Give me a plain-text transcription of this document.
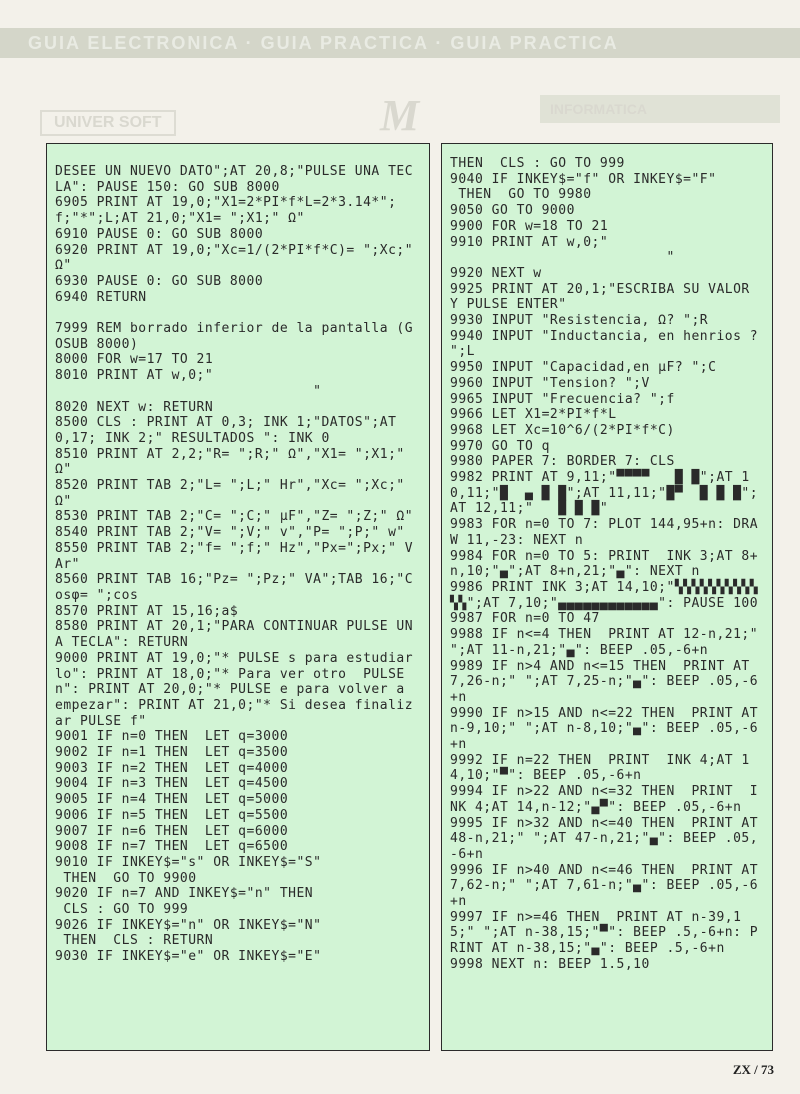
GUIA ELECTRONICA · GUIA PRACTICA · GUIA PRACTICA
UNIVER SOFT
INFORMATICA
M
DESEE UN NUEVO DATO";AT 20,8;"PULSE UNA TECLA": PAUSE 150: GO SUB 8000
6905 PRINT AT 19,0;"X1=2*PI*f*L=2*3.14*";f;"*";L;AT 21,0;"X1= ";X1;" Ω"
6910 PAUSE 0: GO SUB 8000
6920 PRINT AT 19,0;"Xc=1/(2*PI*f*C)= ";Xc;" Ω"
6930 PAUSE 0: GO SUB 8000
6940 RETURN

7999 REM borrado inferior de la pantalla (GOSUB 8000)
8000 FOR w=17 TO 21
8010 PRINT AT w,0;"
"
8020 NEXT w: RETURN
8500 CLS : PRINT AT 0,3; INK 1;"DATOS";AT 0,17; INK 2;" RESULTADOS ": INK 0
8510 PRINT AT 2,2;"R= ";R;" Ω","X1= ";X1;" Ω"
8520 PRINT TAB 2;"L= ";L;" Hr","Xc= ";Xc;" Ω"
8530 PRINT TAB 2;"C= ";C;" μF","Z= ";Z;" Ω"
8540 PRINT TAB 2;"V= ";V;" v","P= ";P;" w"
8550 PRINT TAB 2;"f= ";f;" Hz","Px=";Px;" VAr"
8560 PRINT TAB 16;"Pz= ";Pz;" VA";TAB 16;"Cosφ= ";cos
8570 PRINT AT 15,16;a$
8580 PRINT AT 20,1;"PARA CONTINUAR PULSE UNA TECLA": RETURN
9000 PRINT AT 19,0;"* PULSE s para estudiarlo": PRINT AT 18,0;"* Para ver otro  PULSE n": PRINT AT 20,0;"* PULSE e para volver a empezar": PRINT AT 21,0;"* Si desea finalizar PULSE f"
9001 IF n=0 THEN  LET q=3000
9002 IF n=1 THEN  LET q=3500
9003 IF n=2 THEN  LET q=4000
9004 IF n=3 THEN  LET q=4500
9005 IF n=4 THEN  LET q=5000
9006 IF n=5 THEN  LET q=5500
9007 IF n=6 THEN  LET q=6000
9008 IF n=7 THEN  LET q=6500
9010 IF INKEY$="s" OR INKEY$="S"
THEN  GO TO 9900
9020 IF n=7 AND INKEY$="n" THEN
CLS : GO TO 999
9026 IF INKEY$="n" OR INKEY$="N"
THEN  CLS : RETURN
9030 IF INKEY$="e" OR INKEY$="E"
THEN  CLS : GO TO 999
9040 IF INKEY$="f" OR INKEY$="F"
THEN  GO TO 9980
9050 GO TO 9000
9900 FOR w=18 TO 21
9910 PRINT AT w,0;"
"
9920 NEXT w
9925 PRINT AT 20,1;"ESCRIBA SU VALOR Y PULSE ENTER"
9930 INPUT "Resistencia, Ω? ";R
9940 INPUT "Inductancia, en henrios ? ";L
9950 INPUT "Capacidad,en μF? ";C
9960 INPUT "Tension? ";V
9965 INPUT "Frecuencia? ";f
9966 LET X1=2*PI*f*L
9968 LET Xc=10^6/(2*PI*f*C)
9970 GO TO q
9980 PAPER 7: BORDER 7: CLS
9982 PRINT AT 9,11;"▀▀▀▀   █ █";AT 10,11;"█  ▄ █ █";AT 11,11;"█▀  █ █ █";AT 12,11;"   █ █ █"
9983 FOR n=0 TO 7: PLOT 144,95+n: DRAW 11,-23: NEXT n
9984 FOR n=0 TO 5: PRINT  INK 3;AT 8+n,10;"▄";AT 8+n,21;"▄": NEXT n
9986 PRINT INK 3;AT 14,10;"▚▚▚▚▚▚▚▚▚▚▚▚";AT 7,10;"▄▄▄▄▄▄▄▄▄▄▄▄": PAUSE 100
9987 FOR n=0 TO 47
9988 IF n<=4 THEN  PRINT AT 12-n,21;" ";AT 11-n,21;"▄": BEEP .05,-6+n
9989 IF n>4 AND n<=15 THEN  PRINT AT 7,26-n;" ";AT 7,25-n;"▄": BEEP .05,-6+n
9990 IF n>15 AND n<=22 THEN  PRINT AT n-9,10;" ";AT n-8,10;"▄": BEEP .05,-6+n
9992 IF n=22 THEN  PRINT  INK 4;AT 14,10;"▀": BEEP .05,-6+n
9994 IF n>22 AND n<=32 THEN  PRINT  INK 4;AT 14,n-12;"▄▀": BEEP .05,-6+n
9995 IF n>32 AND n<=40 THEN  PRINT AT 48-n,21;" ";AT 47-n,21;"▄": BEEP .05,-6+n
9996 IF n>40 AND n<=46 THEN  PRINT AT 7,62-n;" ";AT 7,61-n;"▄": BEEP .05,-6+n
9997 IF n>=46 THEN  PRINT AT n-39,15;" ";AT n-38,15;"▀": BEEP .5,-6+n: PRINT AT n-38,15;"▄": BEEP .5,-6+n
9998 NEXT n: BEEP 1.5,10
ZX / 73
